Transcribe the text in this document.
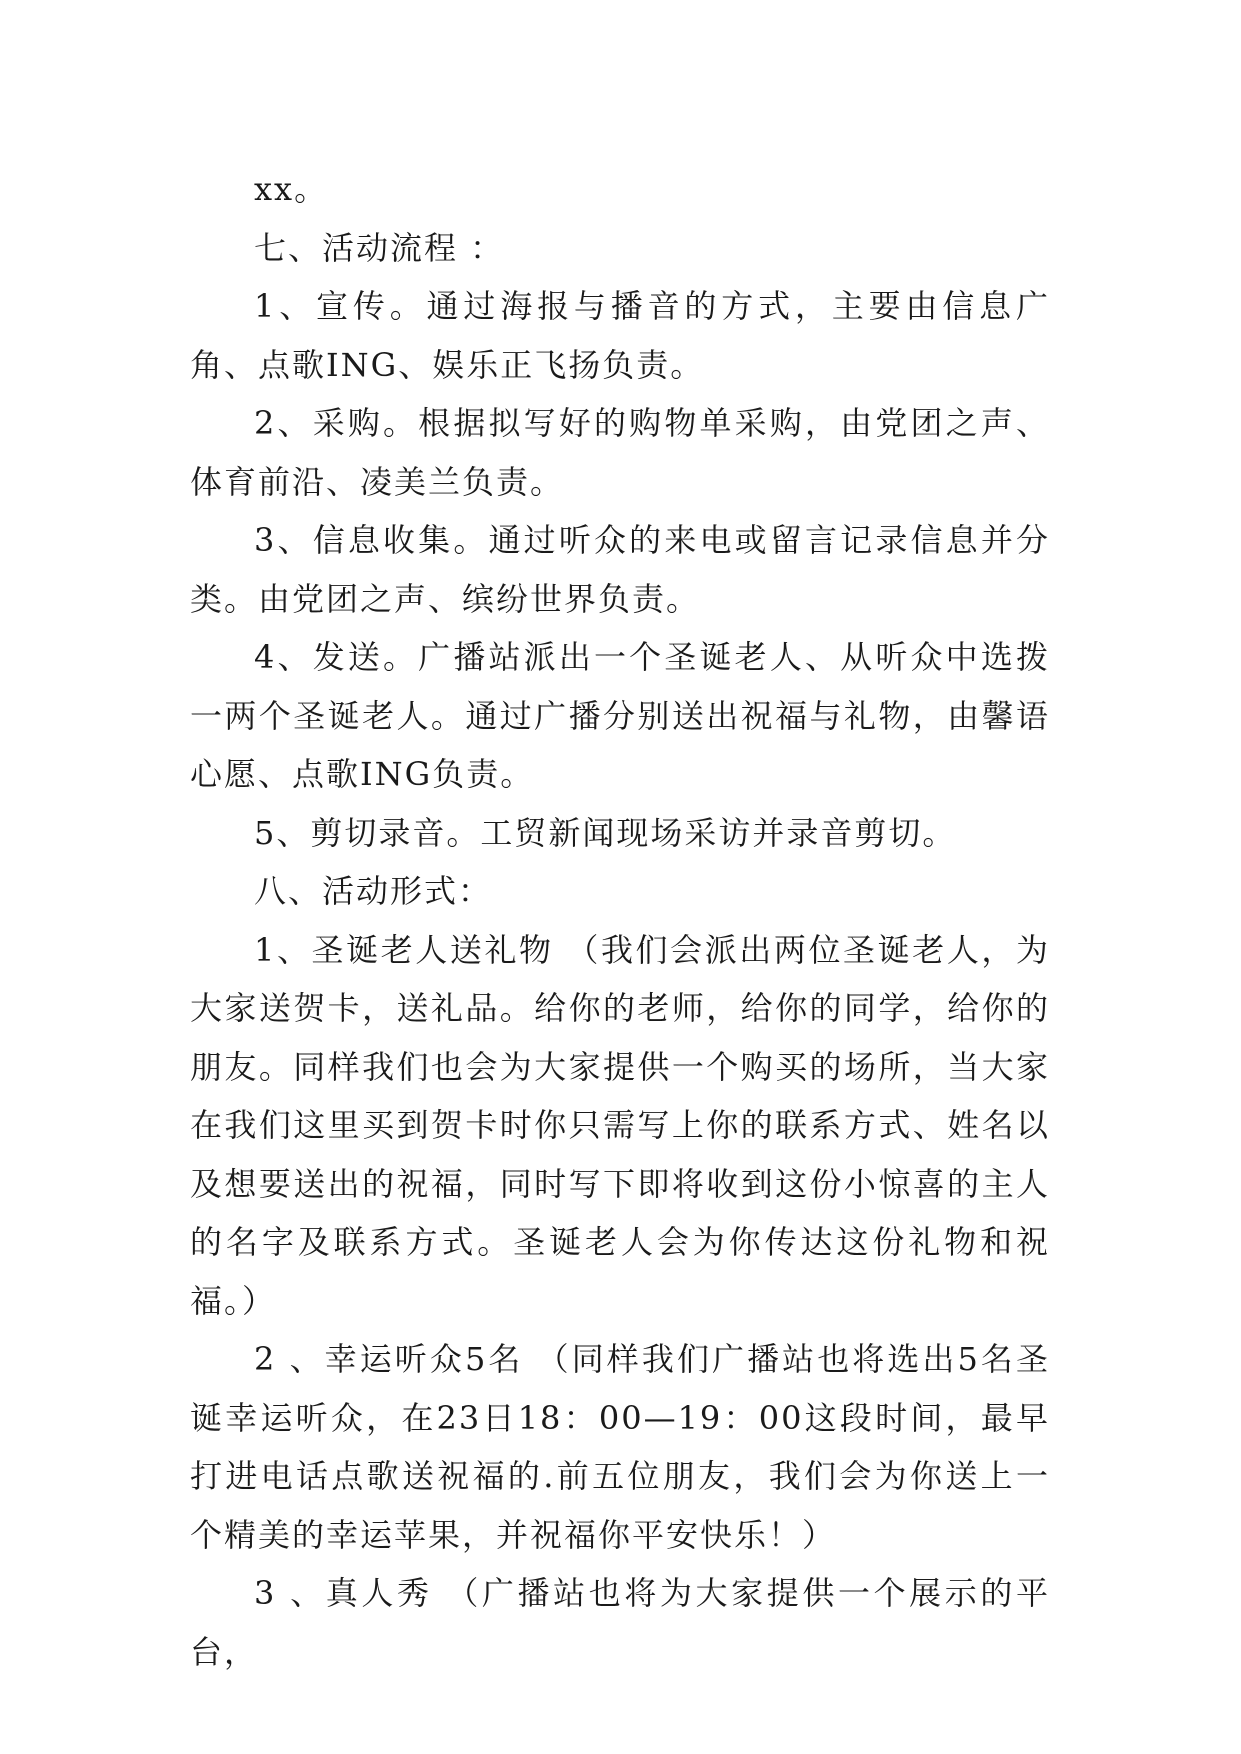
xx。

七、活动流程 ：

1、宣传。通过海报与播音的方式，主要由信息广角、点歌ING、娱乐正飞扬负责。

2、采购。根据拟写好的购物单采购，由党团之声、体育前沿、凌美兰负责。

3、信息收集。通过听众的来电或留言记录信息并分类。由党团之声、缤纷世界负责。

4、发送。广播站派出一个圣诞老人、从听众中选拨一两个圣诞老人。通过广播分别送出祝福与礼物，由馨语心愿、点歌ING负责。

5、剪切录音。工贸新闻现场采访并录音剪切。

八、活动形式：

1、圣诞老人送礼物 （我们会派出两位圣诞老人，为大家送贺卡，送礼品。给你的老师，给你的同学，给你的朋友。同样我们也会为大家提供一个购买的场所，当大家在我们这里买到贺卡时你只需写上你的联系方式、姓名以及想要送出的祝福，同时写下即将收到这份小惊喜的主人的名字及联系方式。圣诞老人会为你传达这份礼物和祝福。）

2 、幸运听众5名 （同样我们广播站也将选出5名圣诞幸运听众，在23日18：00—19：00这段时间，最早打进电话点歌送祝福的.前五位朋友，我们会为你送上一个精美的幸运苹果，并祝福你平安快乐！）

3 、真人秀 （广播站也将为大家提供一个展示的平台，
